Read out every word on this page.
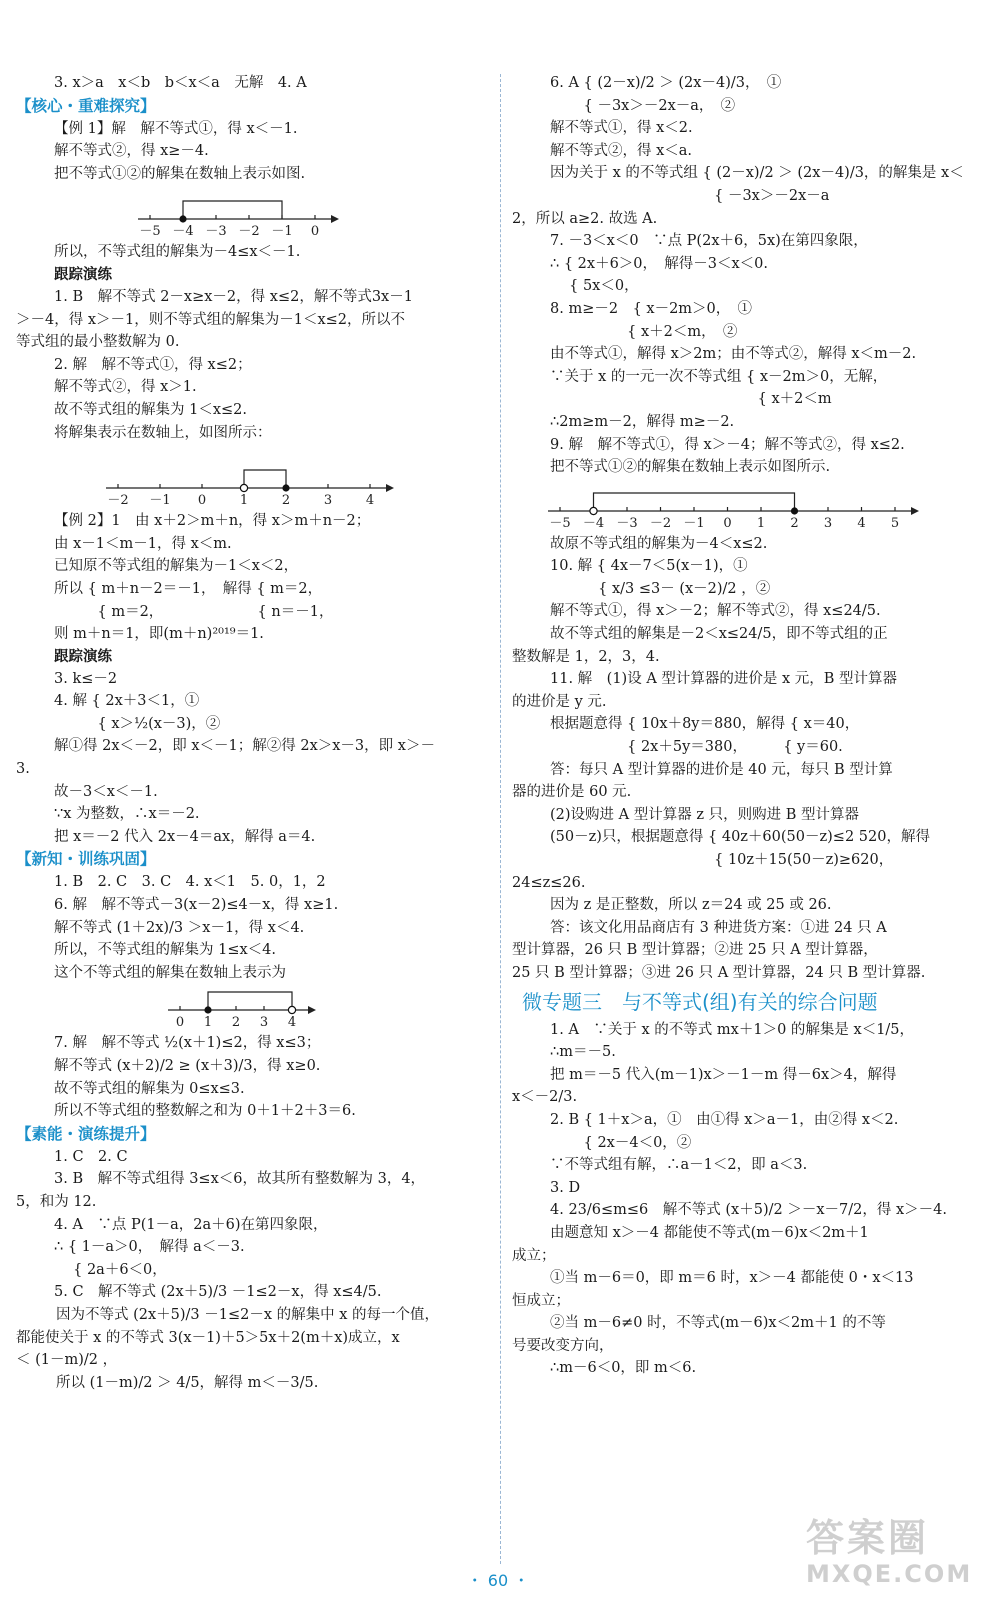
3. x＞a　x＜b　b＜x＜a　无解　4. A
【核心・重难探究】
【例 1】解　解不等式①，得 x＜－1.
解不等式②，得 x≥－4.
把不等式①②的解集在数轴上表示如图.
－5 －4 －3 －2 －1 0
所以，不等式组的解集为－4≤x＜－1.
跟踪演练
1. B　解不等式 2－x≥x－2，得 x≤2，解不等式3x－1
＞－4，得 x＞－1，则不等式组的解集为－1＜x≤2，所以不
等式组的最小整数解为 0.
2. 解　解不等式①，得 x≤2；
解不等式②，得 x＞1.
故不等式组的解集为 1＜x≤2.
将解集表示在数轴上，如图所示：
－2 －1 0	1	2	3	4
【例 2】1　由 x＋2＞m＋n，得 x＞m＋n－2；
由 x－1＜m－1，得 x＜m.
已知原不等式组的解集为－1＜x＜2，
所以 { m＋n－2＝－1，　解得 { m＝2，
　　　{ m＝2，　　　　　　　{ n＝－1，
则 m＋n＝1，即(m＋n)²⁰¹⁹＝1.
跟踪演练
3. k≤－2
4. 解 { 2x＋3＜1，①
　　　{ x＞½(x－3)，②
解①得 2x＜－2，即 x＜－1；解②得 2x＞x－3，即 x＞－
3.
故－3＜x＜－1.
∵x 为整数，∴x＝－2.
把 x＝－2 代入 2x－4＝ax，解得 a＝4.
【新知・训练巩固】
1. B　2. C　3. C　4. x＜1　5. 0，1，2
6. 解　解不等式－3(x－2)≤4－x，得 x≥1.
解不等式 (1＋2x)/3 ＞x－1，得 x＜4.
所以，不等式组的解集为 1≤x＜4.
这个不等式组的解集在数轴上表示为
0 1 2 3 4
7. 解　解不等式 ½(x＋1)≤2，得 x≤3；
解不等式 (x＋2)/2 ≥ (x＋3)/3，得 x≥0.
故不等式组的解集为 0≤x≤3.
所以不等式组的整数解之和为 0＋1＋2＋3＝6.
【素能・演练提升】
1. C　2. C
3. B　解不等式组得 3≤x＜6，故其所有整数解为 3，4，
5，和为 12.
4. A　∵点 P(1－a，2a＋6)在第四象限，
∴ { 1－a＞0，　解得 a＜－3.
　 { 2a＋6＜0，
5. C　解不等式 (2x＋5)/3 －1≤2－x，得 x≤4/5.
因为不等式 (2x＋5)/3 －1≤2－x 的解集中 x 的每一个值，
都能使关于 x 的不等式 3(x－1)＋5＞5x＋2(m＋x)成立，x
＜ (1－m)/2 ，
所以 (1－m)/2 ＞ 4/5，解得 m＜－3/5.
6. A { (2－x)/2 ＞ (2x－4)/3，　①
　　 { －3x＞－2x－a，　②
解不等式①，得 x＜2.
解不等式②，得 x＜a.
因为关于 x 的不等式组 { (2－x)/2 ＞ (2x－4)/3，的解集是 x＜
　　　　　　　　　　　 { －3x＞－2x－a
2，所以 a≥2. 故选 A.
7. －3＜x＜0　∵点 P(2x＋6，5x)在第四象限，
∴ { 2x＋6＞0，　解得－3＜x＜0.
　 { 5x＜0，
8. m≥－2　{ x－2m＞0，　①
　　　　　 { x＋2＜m，　②
由不等式①，解得 x＞2m；由不等式②，解得 x＜m－2.
∵关于 x 的一元一次不等式组 { x－2m＞0，无解，
　　　　　　　　　　　　　　 { x＋2＜m
∴2m≥m－2，解得 m≥－2.
9. 解　解不等式①，得 x＞－4；解不等式②，得 x≤2.
把不等式①②的解集在数轴上表示如图所示.
－5 －4 －3 －2 －1 0 1 2 3 4 5
故原不等式组的解集为－4＜x≤2.
10. 解 { 4x－7＜5(x－1)，①
　　　 { x/3 ≤3－ (x－2)/2 ，②
解不等式①，得 x＞－2；解不等式②，得 x≤24/5.
故不等式组的解集是－2＜x≤24/5，即不等式组的正
整数解是 1，2，3，4.
11. 解　(1)设 A 型计算器的进价是 x 元，B 型计算器
的进价是 y 元.
根据题意得 { 10x＋8y＝880，解得 { x＝40，
　　　　　 { 2x＋5y＝380，　　　{ y＝60.
答：每只 A 型计算器的进价是 40 元，每只 B 型计算
器的进价是 60 元.
(2)设购进 A 型计算器 z 只，则购进 B 型计算器
(50－z)只，根据题意得 { 40z＋60(50－z)≤2 520，解得
　　　　　　　　　　　 { 10z＋15(50－z)≥620，
24≤z≤26.
因为 z 是正整数，所以 z＝24 或 25 或 26.
答：该文化用品商店有 3 种进货方案：①进 24 只 A
型计算器，26 只 B 型计算器；②进 25 只 A 型计算器，
25 只 B 型计算器；③进 26 只 A 型计算器，24 只 B 型计算器.
微专题三　与不等式(组)有关的综合问题
1. A　∵关于 x 的不等式 mx＋1＞0 的解集是 x＜1/5，
∴m＝－5.
把 m＝－5 代入(m－1)x＞－1－m 得－6x＞4，解得
x＜－2/3.
2. B { 1＋x＞a，①　由①得 x＞a－1，由②得 x＜2.
　　 { 2x－4＜0，②
∵不等式组有解，∴a－1＜2，即 a＜3.
3. D
4. 23/6≤m≤6　解不等式 (x＋5)/2 ＞－x－7/2，得 x＞－4.
由题意知 x＞－4 都能使不等式(m－6)x＜2m＋1
成立；
①当 m－6＝0，即 m＝6 时，x＞－4 都能使 0・x＜13
恒成立；
②当 m－6≠0 时，不等式(m－6)x＜2m＋1 的不等
号要改变方向，
∴m－6＜0，即 m＜6.
・ 60 ・
答案圈
MXQE.COM
